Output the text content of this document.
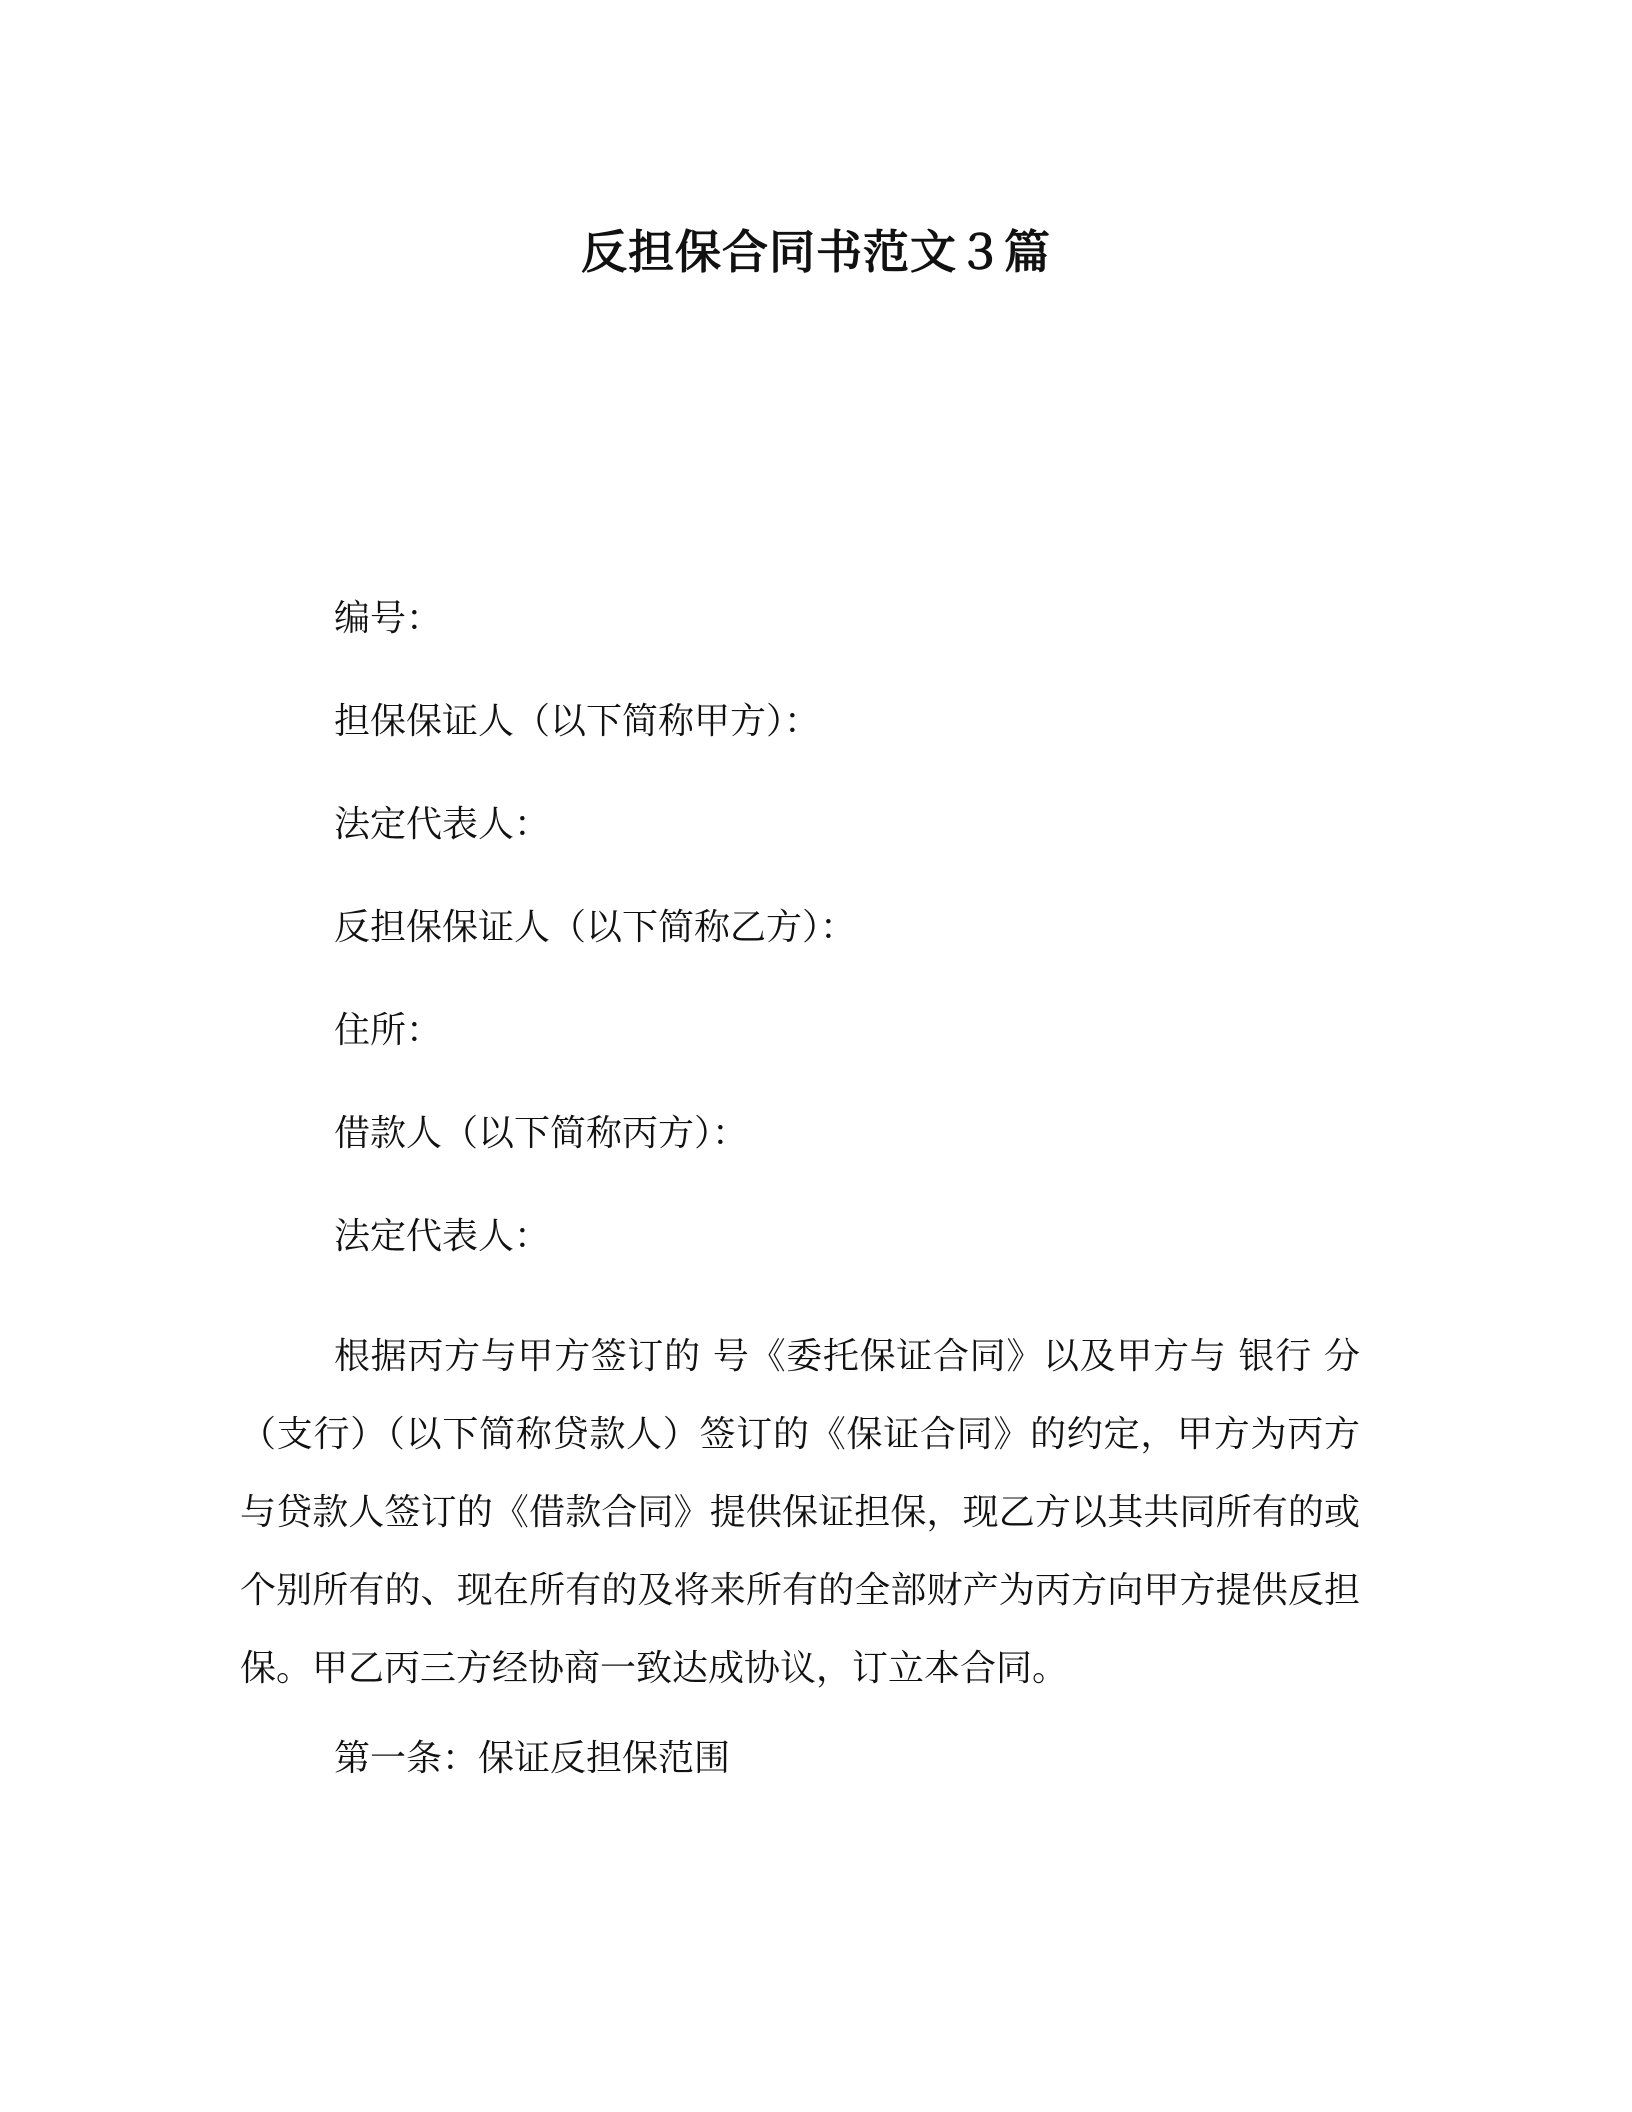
反担保合同书范文３篇

编号：

担保保证人（以下简称甲方）：

法定代表人：

反担保保证人（以下简称乙方）：

住所：

借款人（以下简称丙方）：

法定代表人：

根据丙方与甲方签订的 号《委托保证合同》以及甲方与 银行 分（支行）（以下简称贷款人）签订的《保证合同》的约定，甲方为丙方与贷款人签订的《借款合同》提供保证担保，现乙方以其共同所有的或个别所有的、现在所有的及将来所有的全部财产为丙方向甲方提供反担保。甲乙丙三方经协商一致达成协议，订立本合同。

第一条：保证反担保范围
